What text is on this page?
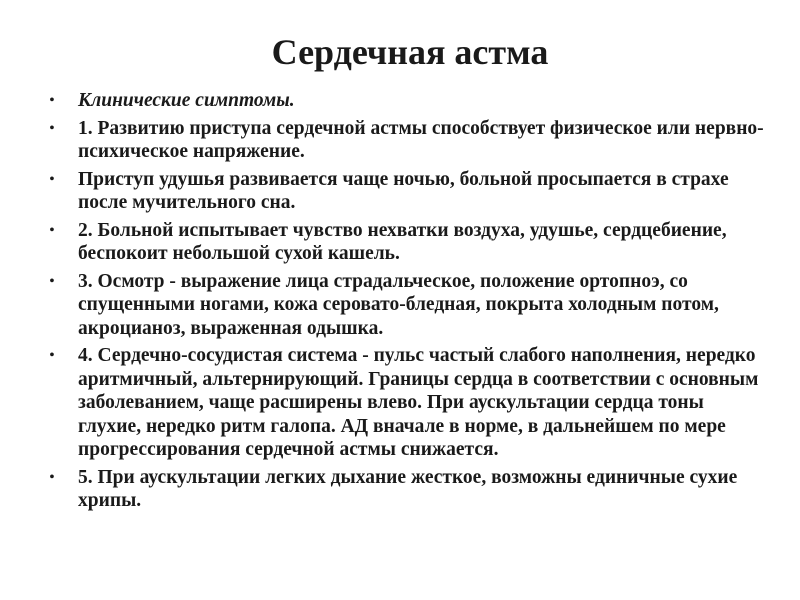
Сердечная астма
• Клинические симптомы.
• 1. Развитию приступа сердечной астмы способствует физическое или нервно-психическое напряжение.
• Приступ удушья развивается чаще ночью, больной просыпается в страхе после мучительного сна.
• 2. Больной испытывает чувство нехватки воздуха, удушье, сердцебиение, беспокоит небольшой сухой кашель.
• 3. Осмотр - выражение лица страдальческое, положение ортопноэ, со спущенными ногами, кожа серовато-бледная, покрыта холодным потом, акроцианоз, выраженная одышка.
• 4. Сердечно-сосудистая система - пульс частый слабого наполнения, нередко аритмичный, альтернирующий. Границы сердца в соответствии с основным заболеванием, чаще расширены влево. При аускультации сердца тоны глухие, нередко ритм галопа. АД вначале в норме, в дальнейшем по мере прогрессирования сердечной астмы снижается.
• 5. При аускультации легких дыхание жесткое, возможны единичные сухие хрипы.
